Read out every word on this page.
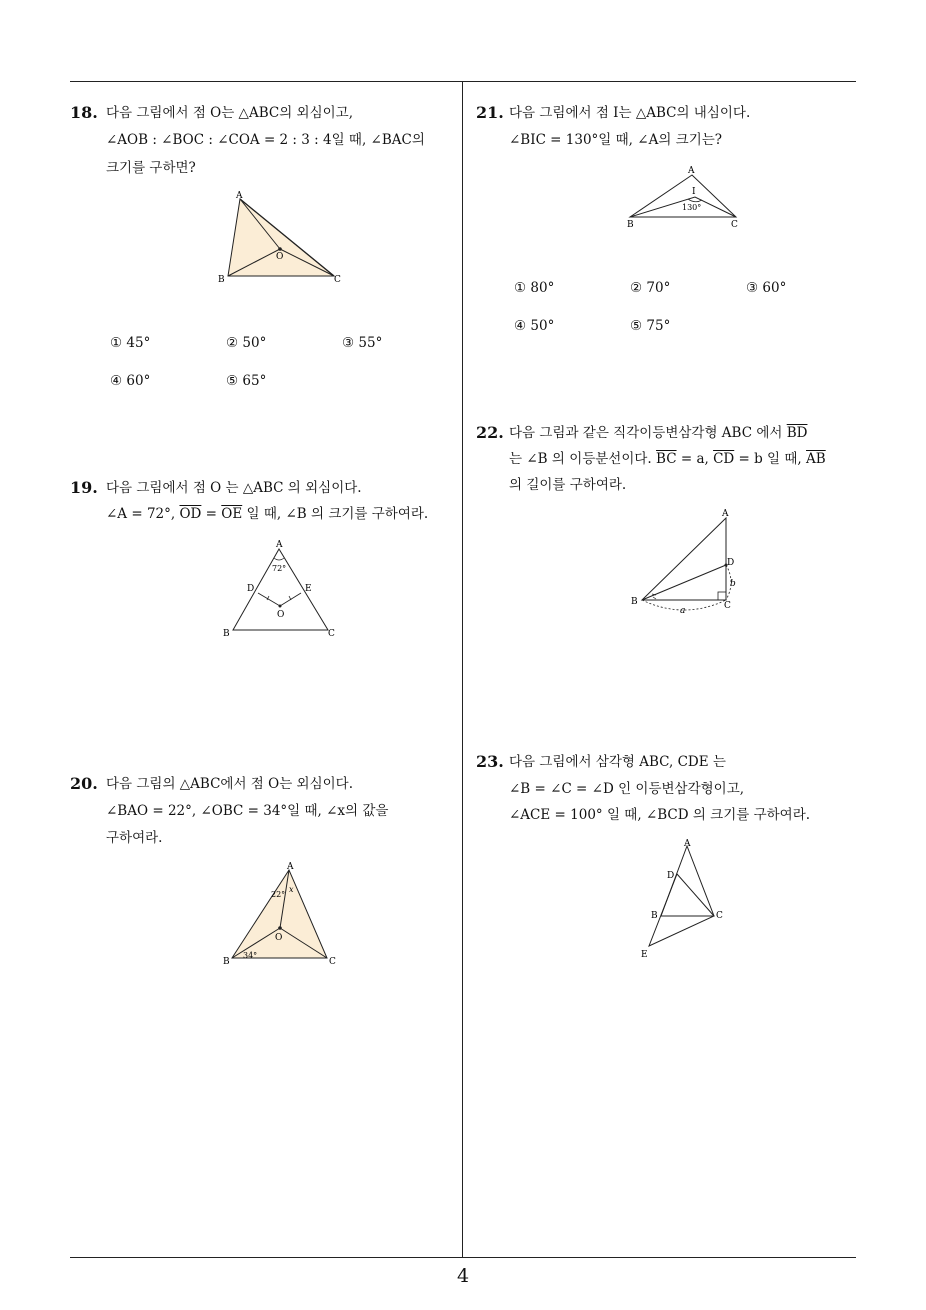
18. 다음 그림에서 점 O는 △ABC의 외심이고,
∠AOB : ∠BOC : ∠COA = 2 : 3 : 4일 때, ∠BAC의
크기를 구하면?
A
B	C
O
① 45°	② 50°	③ 55°
④ 60°	⑤ 65°
19. 다음 그림에서 점 O 는 △ABC 의 외심이다.
∠A = 72°, $\overline{OD} = \overline{OE}$ 일 때, ∠B 의 크기를 구하여라.
A
B	C
D	E
O
72°
20. 다음 그림의 △ABC에서 점 O는 외심이다.
∠BAO = 22°, ∠OBC = 34°일 때, ∠x의 값을
구하여라.
A
B	C
O
22°
x
34°
21. 다음 그림에서 점 I는 △ABC의 내심이다.
∠BIC = 130°일 때, ∠A의 크기는?
A
B	C
I
130°
① 80°	② 70°	③ 60°
④ 50°	⑤ 75°
22. 다음 그림과 같은 직각이등변삼각형 ABC 에서 $\overline{BD}$
는 ∠B 의 이등분선이다. $\overline{BC} = a$, $\overline{CD} = b$ 일 때, $\overline{AB}$
의 길이를 구하여라.
A
B	C
D
a
b
23. 다음 그림에서 삼각형 ABC, CDE 는
∠B = ∠C = ∠D 인 이등변삼각형이고,
∠ACE = 100° 일 때, ∠BCD 의 크기를 구하여라.
A
B	C
D
E
4
